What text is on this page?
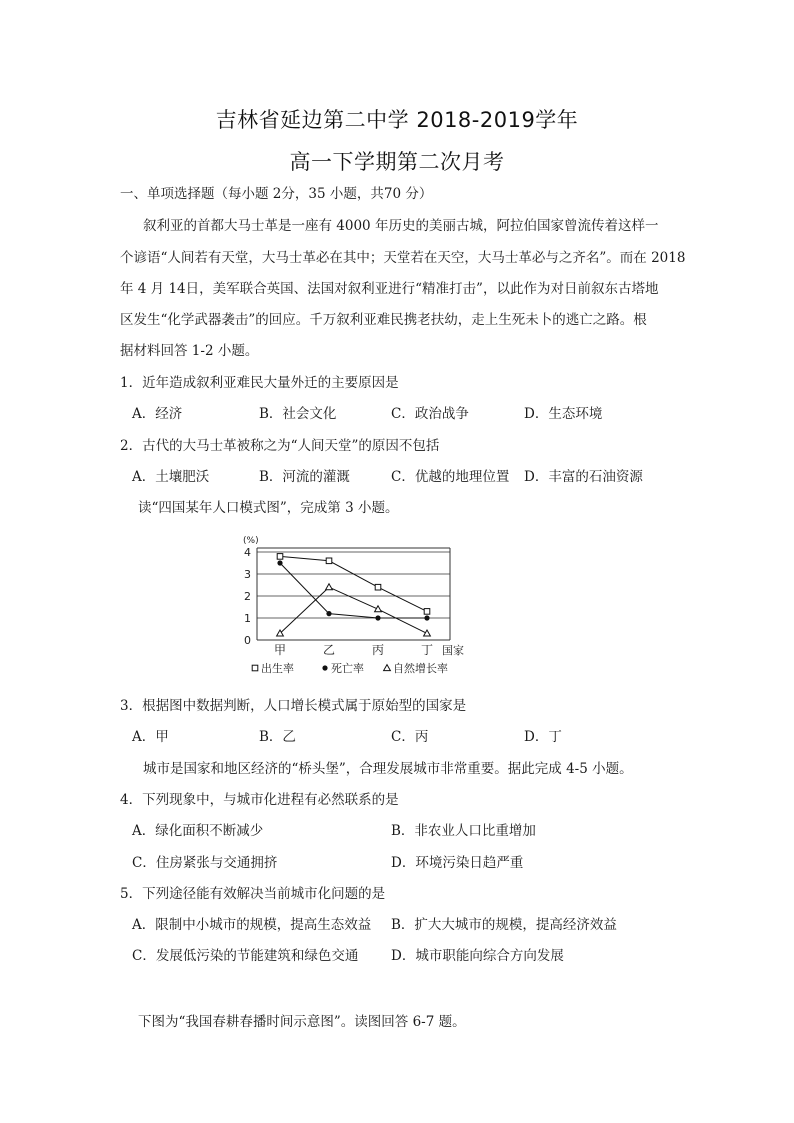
吉林省延边第二中学 2018-2019学年
高一下学期第二次月考
一、单项选择题（每小题 2分，35 小题，共70 分）
叙利亚的首都大马士革是一座有 4000 年历史的美丽古城，阿拉伯国家曾流传着这样一
个谚语“人间若有天堂，大马士革必在其中；天堂若在天空，大马士革必与之齐名”。而在 2018
年 4 月 14日，美军联合英国、法国对叙利亚进行“精准打击”，以此作为对日前叙东古塔地
区发生“化学武器袭击”的回应。千万叙利亚难民携老扶幼，走上生死未卜的逃亡之路。根
据材料回答 1-2 小题。
1．近年造成叙利亚难民大量外迁的主要原因是
A．经济	B．社会文化	C．政治战争	D．生态环境
2．古代的大马士革被称之为“人间天堂”的原因不包括
A．土壤肥沃	B．河流的灌溉	C．优越的地理位置 D．丰富的石油资源
读“四国某年人口模式图”，完成第 3 小题。
0
1
2
3
4
(%)
甲	乙	丙	丁 国家
出生率	死亡率	自然增长率
3．根据图中数据判断，人口增长模式属于原始型的国家是
A．甲	B．乙	C．丙	D．丁
城市是国家和地区经济的“桥头堡”，合理发展城市非常重要。据此完成 4-5 小题。
4．下列现象中，与城市化进程有必然联系的是
A．绿化面积不断减少	B．非农业人口比重增加
C．住房紧张与交通拥挤	D．环境污染日趋严重
5．下列途径能有效解决当前城市化问题的是
A．限制中小城市的规模，提高生态效益 B．扩大大城市的规模，提高经济效益
C．发展低污染的节能建筑和绿色交通 D．城市职能向综合方向发展
下图为“我国春耕春播时间示意图”。读图回答 6-7 题。
